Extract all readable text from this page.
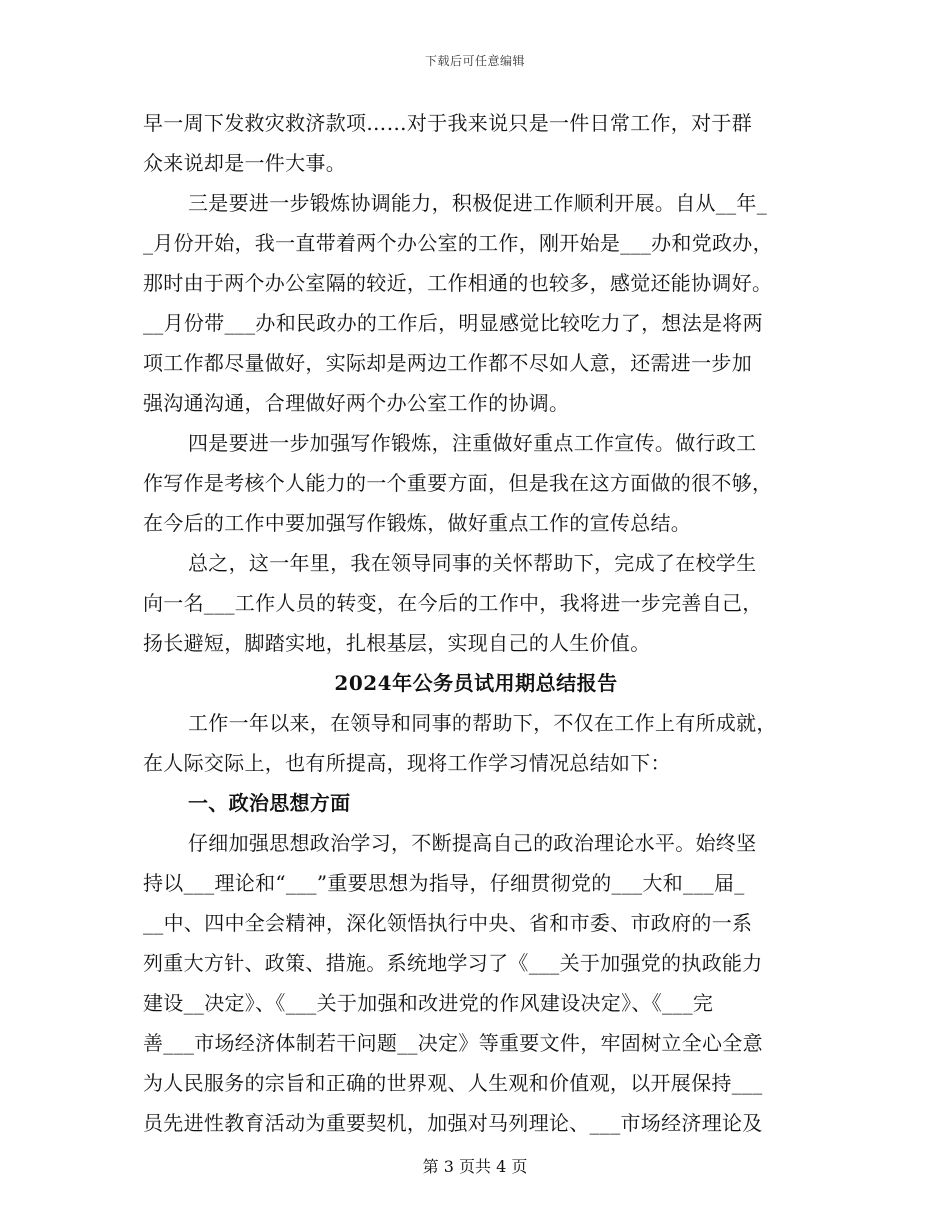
下载后可任意编辑
早一周下发救灾救济款项……对于我来说只是一件日常工作，对于群
众来说却是一件大事。
三是要进一步锻炼协调能力，积极促进工作顺利开展。自从__年_
_月份开始，我一直带着两个办公室的工作，刚开始是___办和党政办，
那时由于两个办公室隔的较近，工作相通的也较多，感觉还能协调好。
__月份带___办和民政办的工作后，明显感觉比较吃力了，想法是将两
项工作都尽量做好，实际却是两边工作都不尽如人意，还需进一步加
强沟通沟通，合理做好两个办公室工作的协调。
四是要进一步加强写作锻炼，注重做好重点工作宣传。做行政工
作写作是考核个人能力的一个重要方面，但是我在这方面做的很不够，
在今后的工作中要加强写作锻炼，做好重点工作的宣传总结。
总之，这一年里，我在领导同事的关怀帮助下，完成了在校学生
向一名___工作人员的转变，在今后的工作中，我将进一步完善自己，
扬长避短，脚踏实地，扎根基层，实现自己的人生价值。
2024年公务员试用期总结报告
工作一年以来，在领导和同事的帮助下，不仅在工作上有所成就，
在人际交际上，也有所提高，现将工作学习情况总结如下：
一、政治思想方面
仔细加强思想政治学习，不断提高自己的政治理论水平。始终坚
持以___理论和“___”重要思想为指导，仔细贯彻党的___大和___届_
__中、四中全会精神，深化领悟执行中央、省和市委、市政府的一系
列重大方针、政策、措施。系统地学习了《___关于加强党的执政能力
建设__决定》、《___关于加强和改进党的作风建设决定》、《___完
善___市场经济体制若干问题__决定》等重要文件，牢固树立全心全意
为人民服务的宗旨和正确的世界观、人生观和价值观，以开展保持___
员先进性教育活动为重要契机，加强对马列理论、___市场经济理论及
第 3 页共 4 页
